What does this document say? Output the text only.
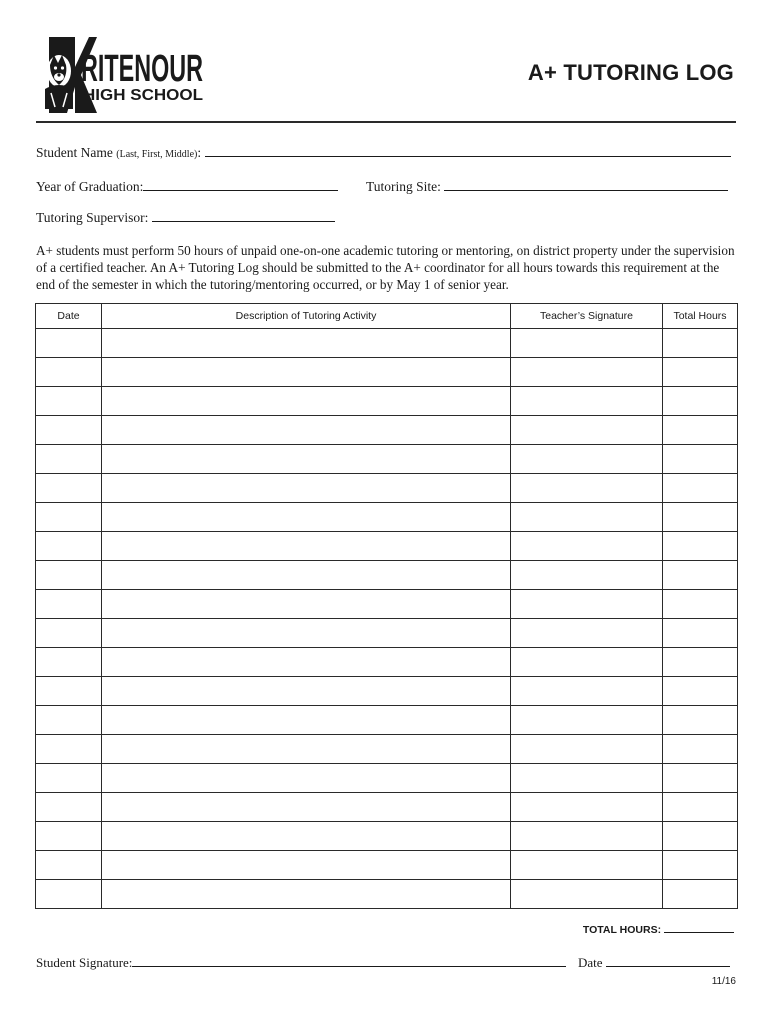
RITENOUR
HIGH SCHOOL
A+ TUTORING LOG
Student Name (Last, First, Middle):
Year of Graduation:	Tutoring Site:
Tutoring Supervisor:
A+ students must perform 50 hours of unpaid one-on-one academic tutoring or mentoring, on district property under the supervision of a certified teacher. An A+ Tutoring Log should be submitted to the A+ coordinator for all hours towards this requirement at the end of the semester in which the tutoring/mentoring occurred, or by May 1 of senior year.
Date	Description of Tutoring Activity	Teacher’s Signature	Total Hours

TOTAL HOURS:
Student Signature:	Date
11/16
